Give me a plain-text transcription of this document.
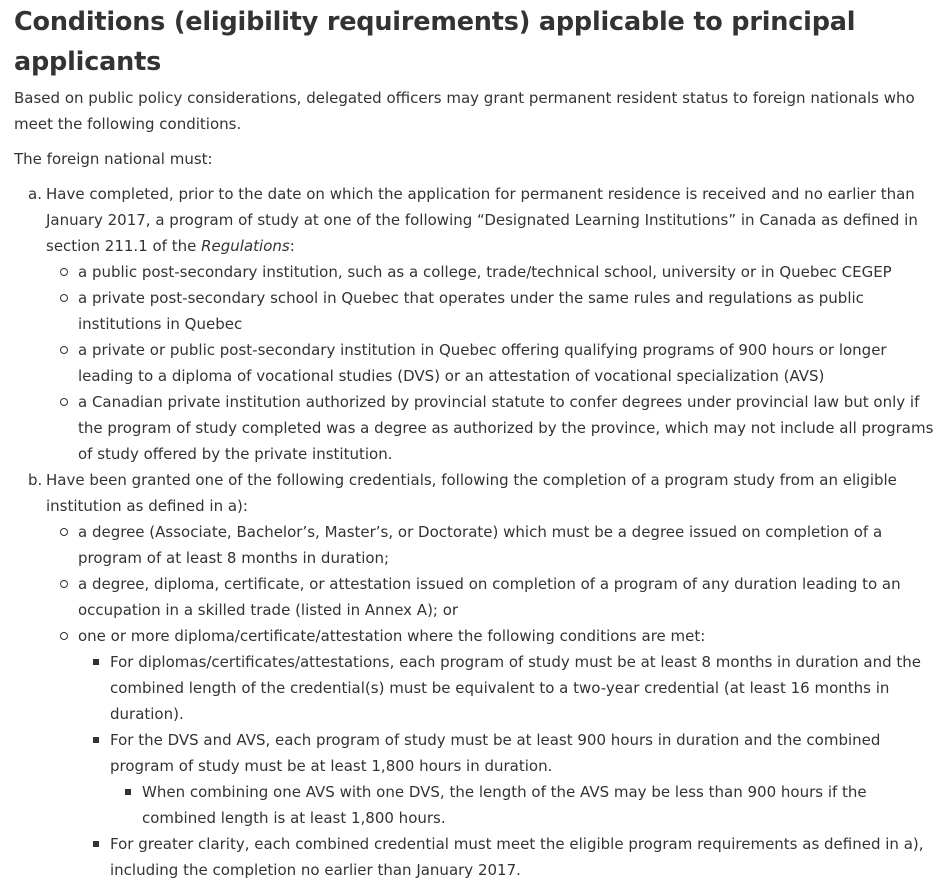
Conditions (eligibility requirements) applicable to principal applicants

Based on public policy considerations, delegated officers may grant permanent resident status to foreign nationals who meet the following conditions.

The foreign national must:

a. Have completed, prior to the date on which the application for permanent residence is received and no earlier than January 2017, a program of study at one of the following “Designated Learning Institutions” in Canada as defined in section 211.1 of the Regulations:
a public post-secondary institution, such as a college, trade/technical school, university or in Quebec CEGEP
a private post-secondary school in Quebec that operates under the same rules and regulations as public institutions in Quebec
a private or public post-secondary institution in Quebec offering qualifying programs of 900 hours or longer leading to a diploma of vocational studies (DVS) or an attestation of vocational specialization (AVS)
a Canadian private institution authorized by provincial statute to confer degrees under provincial law but only if the program of study completed was a degree as authorized by the province, which may not include all programs of study offered by the private institution.
b. Have been granted one of the following credentials, following the completion of a program study from an eligible institution as defined in a):
a degree (Associate, Bachelor’s, Master’s, or Doctorate) which must be a degree issued on completion of a program of at least 8 months in duration;
a degree, diploma, certificate, or attestation issued on completion of a program of any duration leading to an occupation in a skilled trade (listed in Annex A); or
one or more diploma/certificate/attestation where the following conditions are met:
For diplomas/certificates/attestations, each program of study must be at least 8 months in duration and the combined length of the credential(s) must be equivalent to a two-year credential (at least 16 months in duration).
For the DVS and AVS, each program of study must be at least 900 hours in duration and the combined program of study must be at least 1,800 hours in duration.
When combining one AVS with one DVS, the length of the AVS may be less than 900 hours if the combined length is at least 1,800 hours.
For greater clarity, each combined credential must meet the eligible program requirements as defined in a), including the completion no earlier than January 2017.
